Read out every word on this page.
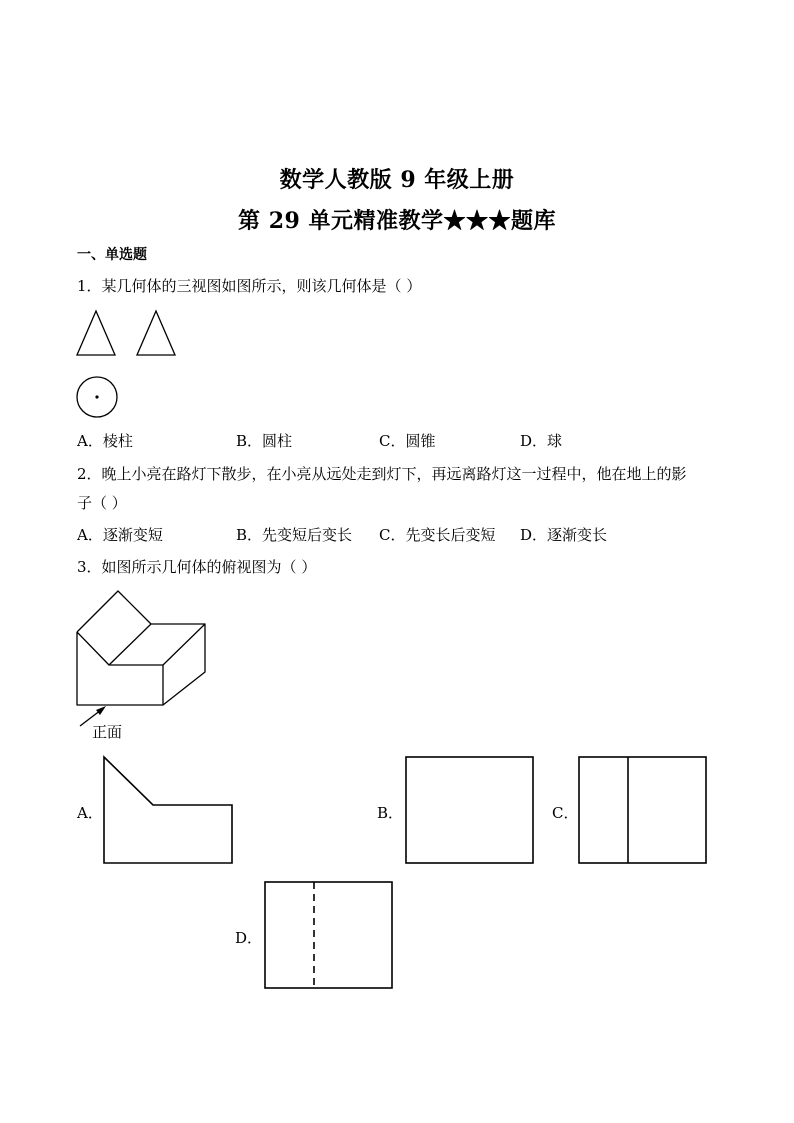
数学人教版 9 年级上册
第 29 单元精准教学★★★题库
一、单选题
1．某几何体的三视图如图所示，则该几何体是（ ）
A．棱柱	B．圆柱	C．圆锥	D．球
2．晚上小亮在路灯下散步，在小亮从远处走到灯下，再远离路灯这一过程中，他在地上的影
子（ ）
A．逐渐变短	B．先变短后变长 C．先变长后变短 D．逐渐变长
3．如图所示几何体的俯视图为（ ）
正面
A．	B．	C．
D．
